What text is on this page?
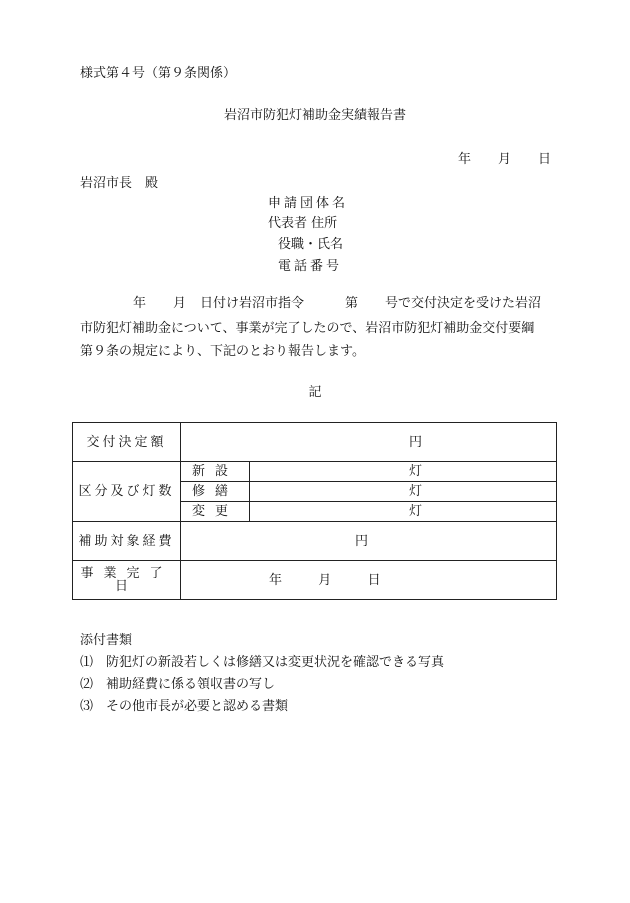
様式第４号（第９条関係）
岩沼市防犯灯補助金実績報告書
年 月 日
岩沼市長　殿
申請団体名
代表者 住所
役職・氏名
電話番号
年 月 日付け岩沼市指令	第 号で交付決定を受けた岩沼
市防犯灯補助金について、事業が完了したので、岩沼市防犯灯補助金交付要綱
第９条の規定により、下記のとおり報告します。
記
交付決定額	円	
区分及び灯数	新設	灯
	修繕	灯
	変更	灯
補助対象経費	円	
事業完了日	年 月 日	
添付書類
⑴ 防犯灯の新設若しくは修繕又は変更状況を確認できる写真
⑵ 補助経費に係る領収書の写し
⑶ その他市長が必要と認める書類
